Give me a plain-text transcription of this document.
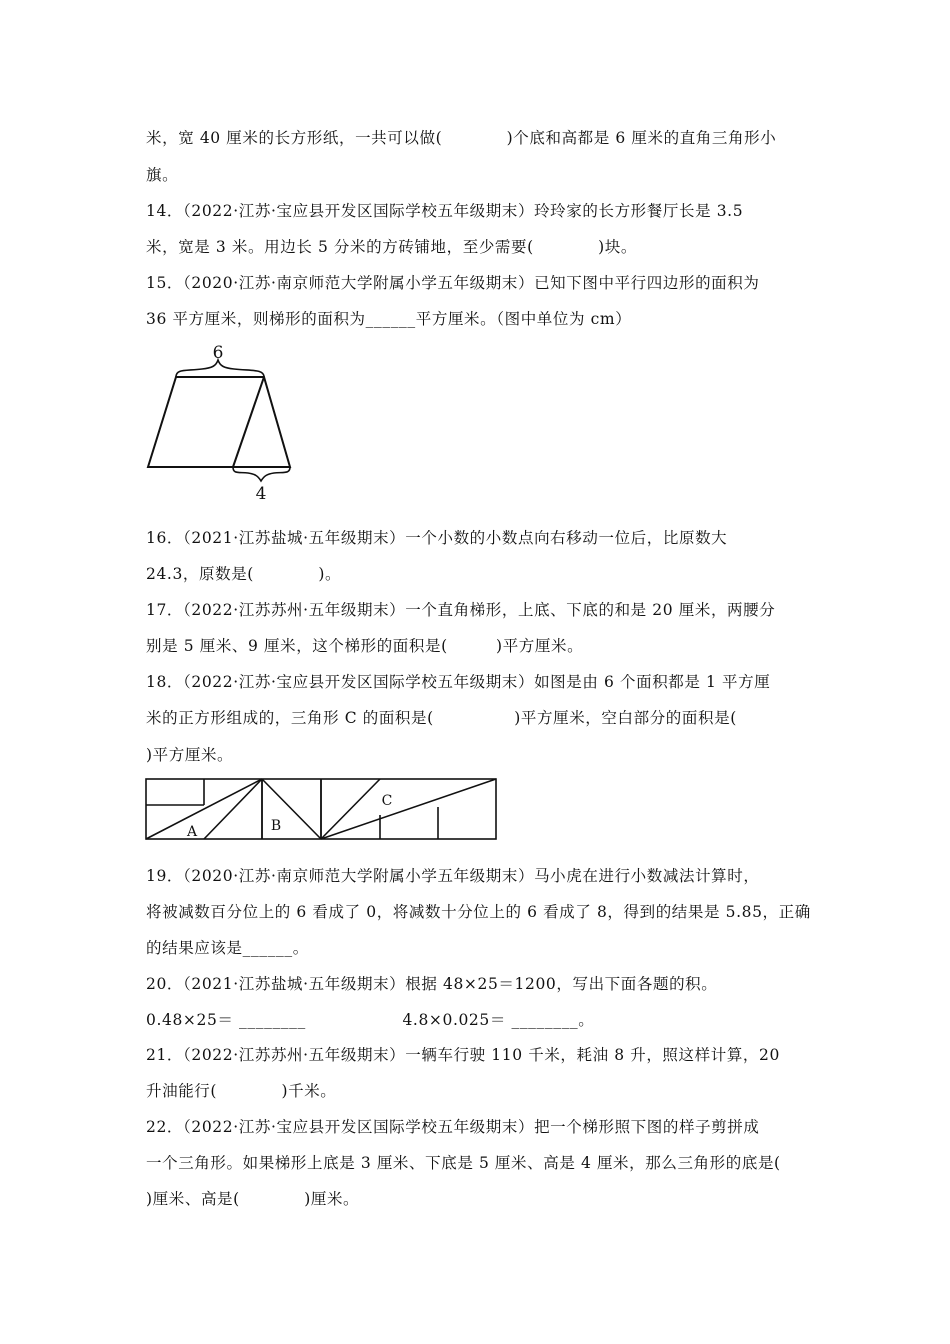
米，宽 40 厘米的长方形纸，一共可以做(　　　　)个底和高都是 6 厘米的直角三角形小
旗。
14．（2022·江苏·宝应县开发区国际学校五年级期末）玲玲家的长方形餐厅长是 3.5
米，宽是 3 米。用边长 5 分米的方砖铺地，至少需要(　　　　)块。
15．（2020·江苏·南京师范大学附属小学五年级期末）已知下图中平行四边形的面积为
36 平方厘米，则梯形的面积为______平方厘米。（图中单位为 cm）
6
4
16．（2021·江苏盐城·五年级期末）一个小数的小数点向右移动一位后，比原数大
24.3，原数是(　　　　)。
17．（2022·江苏苏州·五年级期末）一个直角梯形，上底、下底的和是 20 厘米，两腰分
别是 5 厘米、9 厘米，这个梯形的面积是(　　　)平方厘米。
18．（2022·江苏·宝应县开发区国际学校五年级期末）如图是由 6 个面积都是 1 平方厘
米的正方形组成的，三角形 C 的面积是(　　　　　)平方厘米，空白部分的面积是(
)平方厘米。
A	B
C
19．（2020·江苏·南京师范大学附属小学五年级期末）马小虎在进行小数减法计算时，
将被减数百分位上的 6 看成了 0，将减数十分位上的 6 看成了 8，得到的结果是 5.85，正确
的结果应该是______。
20．（2021·江苏盐城·五年级期末）根据 48×25＝1200，写出下面各题的积。
0.48×25＝ ________　　　　　　4.8×0.025＝ ________。
21．（2022·江苏苏州·五年级期末）一辆车行驶 110 千米，耗油 8 升，照这样计算，20
升油能行(　　　　)千米。
22．（2022·江苏·宝应县开发区国际学校五年级期末）把一个梯形照下图的样子剪拼成
一个三角形。如果梯形上底是 3 厘米、下底是 5 厘米、高是 4 厘米，那么三角形的底是(
)厘米、高是(　　　　)厘米。
